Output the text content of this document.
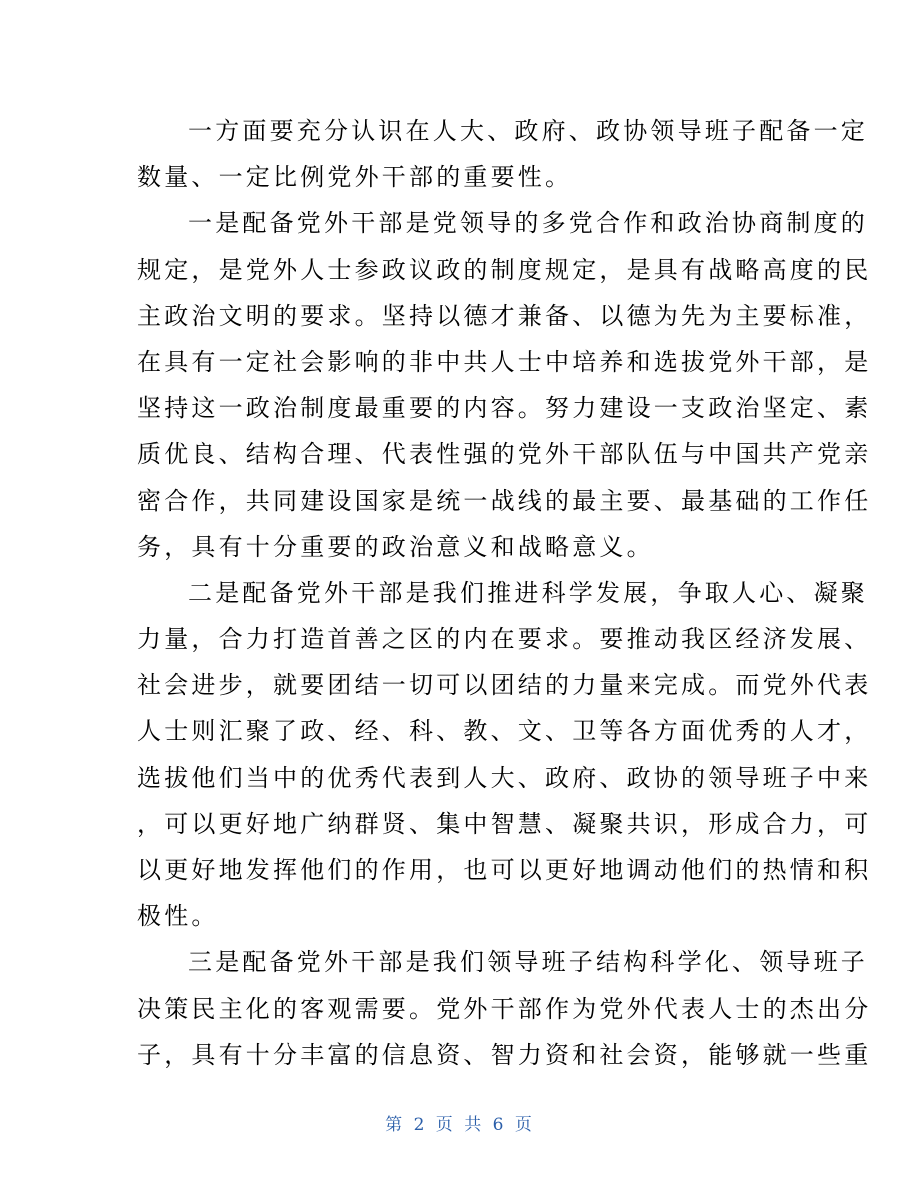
一方面要充分认识在人大、政府、政协领导班子配备一定
数量、一定比例党外干部的重要性。
一是配备党外干部是党领导的多党合作和政治协商制度的
规定，是党外人士参政议政的制度规定，是具有战略高度的民
主政治文明的要求。坚持以德才兼备、以德为先为主要标准，
在具有一定社会影响的非中共人士中培养和选拔党外干部，是
坚持这一政治制度最重要的内容。努力建设一支政治坚定、素
质优良、结构合理、代表性强的党外干部队伍与中国共产党亲
密合作，共同建设国家是统一战线的最主要、最基础的工作任
务，具有十分重要的政治意义和战略意义。
二是配备党外干部是我们推进科学发展，争取人心、凝聚
力量，合力打造首善之区的内在要求。要推动我区经济发展、
社会进步，就要团结一切可以团结的力量来完成。而党外代表
人士则汇聚了政、经、科、教、文、卫等各方面优秀的人才，
选拔他们当中的优秀代表到人大、政府、政协的领导班子中来
，可以更好地广纳群贤、集中智慧、凝聚共识，形成合力，可
以更好地发挥他们的作用，也可以更好地调动他们的热情和积
极性。
三是配备党外干部是我们领导班子结构科学化、领导班子
决策民主化的客观需要。党外干部作为党外代表人士的杰出分
子，具有十分丰富的信息资、智力资和社会资，能够就一些重
第 2 页 共 6 页
